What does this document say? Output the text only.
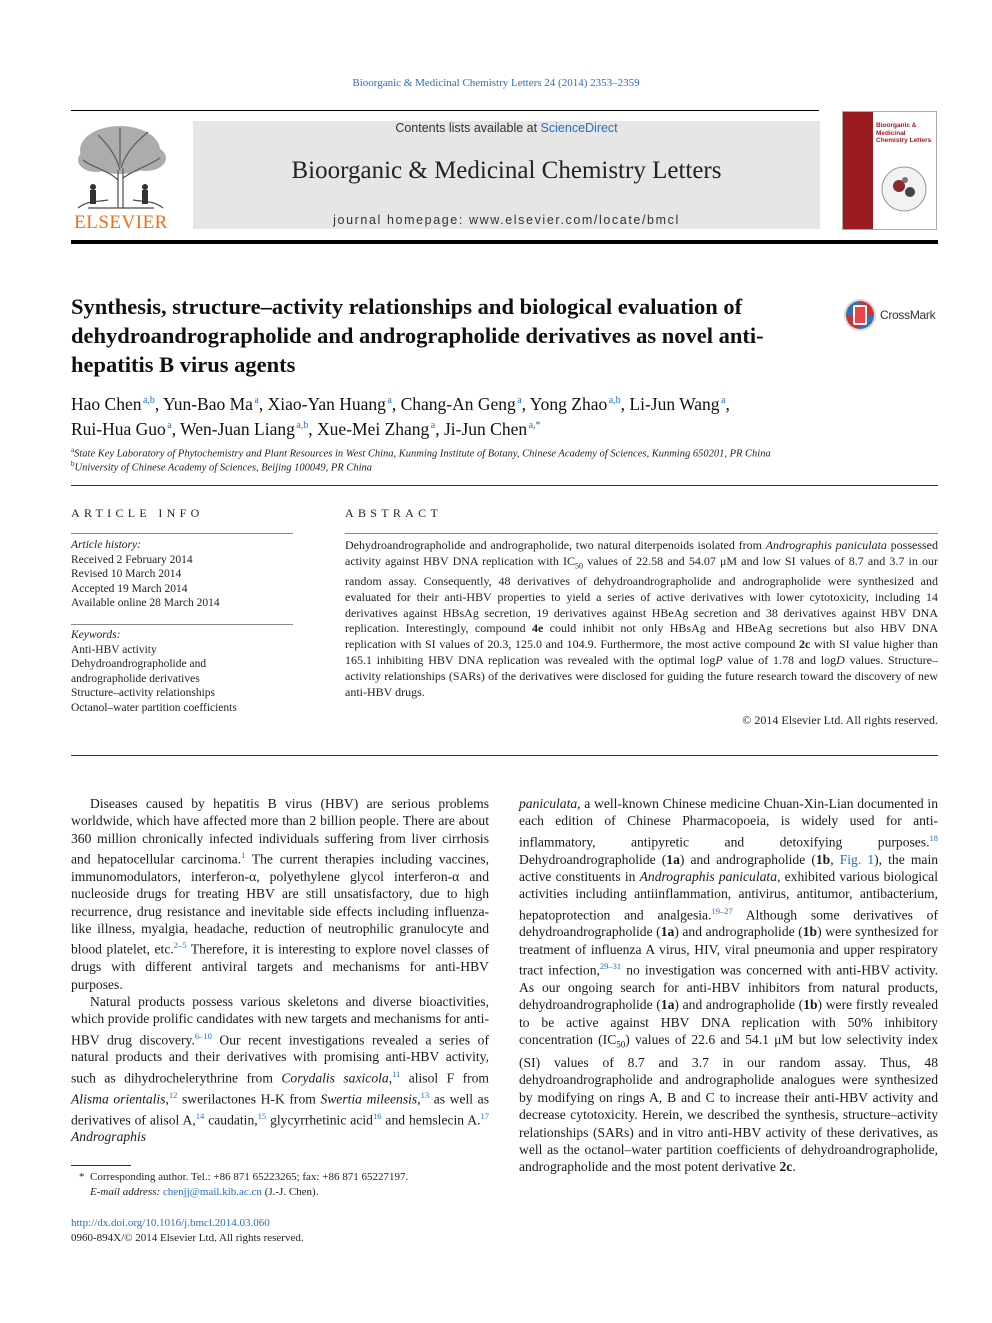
Bioorganic & Medicinal Chemistry Letters 24 (2014) 2353–2359
ELSEVIER
Contents lists available at ScienceDirect
Bioorganic & Medicinal Chemistry Letters
journal homepage: www.elsevier.com/locate/bmcl
Bioorganic & Medicinal Chemistry Letters
Synthesis, structure–activity relationships and biological evaluation of dehydroandrographolide and andrographolide derivatives as novel anti-hepatitis B virus agents
CrossMark
Hao Chen $^{a,b}$, Yun-Bao Ma $^a$, Xiao-Yan Huang $^a$, Chang-An Geng $^a$, Yong Zhao $^{a,b}$, Li-Jun Wang $^a$,
Rui-Hua Guo $^a$, Wen-Juan Liang $^{a,b}$, Xue-Mei Zhang $^a$, Ji-Jun Chen $^{a,*}$
$^a$State Key Laboratory of Phytochemistry and Plant Resources in West China, Kunming Institute of Botany, Chinese Academy of Sciences, Kunming 650201, PR China
$^b$University of Chinese Academy of Sciences, Beijing 100049, PR China
ARTICLE INFO
Article history:
Received 2 February 2014
Revised 10 March 2014
Accepted 19 March 2014
Available online 28 March 2014
Keywords:
Anti-HBV activity
Dehydroandrographolide and
andrographolide derivatives
Structure–activity relationships
Octanol–water partition coefficients
ABSTRACT
Dehydroandrographolide and andrographolide, two natural diterpenoids isolated from Andrographis paniculata possessed activity against HBV DNA replication with $IC_{50}$ values of 22.58 and 54.07 μM and low SI values of 8.7 and 3.7 in our random assay. Consequently, 48 derivatives of dehydroandrographolide and andrographolide were synthesized and evaluated for their anti-HBV properties to yield a series of active derivatives with lower cytotoxicity, including 14 derivatives against HBsAg secretion, 19 derivatives against HBeAg secretion and 38 derivatives against HBV DNA replication. Interestingly, compound 4e could inhibit not only HBsAg and HBeAg secretions but also HBV DNA replication with SI values of 20.3, 125.0 and 104.9. Furthermore, the most active compound 2c with SI value higher than 165.1 inhibiting HBV DNA replication was revealed with the optimal logP value of 1.78 and logD values. Structure–activity relationships (SARs) of the derivatives were disclosed for guiding the future research toward the discovery of new anti-HBV drugs.
© 2014 Elsevier Ltd. All rights reserved.

Diseases caused by hepatitis B virus (HBV) are serious problems worldwide, which have affected more than 2 billion people. There are about 360 million chronically infected individuals suffering from liver cirrhosis and hepatocellular carcinoma.$^1$ The current therapies including vaccines, immunomodulators, interferon-α, polyethylene glycol interferon-α and nucleoside drugs for treating HBV are still unsatisfactory, due to high recurrence, drug resistance and inevitable side effects including influenza-like illness, myalgia, headache, reduction of neutrophilic granulocyte and blood platelet, etc.$^{2-5}$ Therefore, it is interesting to explore novel classes of drugs with different antiviral targets and mechanisms for anti-HBV purposes.

Natural products possess various skeletons and diverse bioactivities, which provide prolific candidates with new targets and mechanisms for anti-HBV drug discovery.$^{6-10}$ Our recent investigations revealed a series of natural products and their derivatives with promising anti-HBV activity, such as dihydrochelerythrine from Corydalis saxicola,$^{11}$ alisol F from Alisma orientalis,$^{12}$ swerilactones H-K from Swertia mileensis,$^{13}$ as well as derivatives of alisol A,$^{14}$ caudatin,$^{15}$ glycyrrhetinic acid$^{16}$ and hemslecin A.$^{17}$ Andrographis

paniculata, a well-known Chinese medicine Chuan-Xin-Lian documented in each edition of Chinese Pharmacopoeia, is widely used for anti-inflammatory, antipyretic and detoxifying purposes.$^{18}$ Dehydroandrographolide (1a) and andrographolide (1b, Fig. 1), the main active constituents in Andrographis paniculata, exhibited various biological activities including antiinflammation, antivirus, antitumor, antibacterium, hepatoprotection and analgesia.$^{19-27}$ Although some derivatives of dehydroandrographolide (1a) and andrographolide (1b) were synthesized for treatment of influenza A virus, HIV, viral pneumonia and upper respiratory tract infection,$^{29-31}$ no investigation was concerned with anti-HBV activity. As our ongoing search for anti-HBV inhibitors from natural products, dehydroandrographolide (1a) and andrographolide (1b) were firstly revealed to be active against HBV DNA replication with 50% inhibitory concentration $(IC_{50})$ values of 22.6 and 54.1 μM but low selectivity index (SI) values of 8.7 and 3.7 in our random assay. Thus, 48 dehydroandrographolide and andrographolide analogues were synthesized by modifying on rings A, B and C to increase their anti-HBV activity and decrease cytotoxicity. Herein, we described the synthesis, structure–activity relationships (SARs) and in vitro anti-HBV activity of these derivatives, as well as the octanol–water partition coefficients of dehydroandrographolide, andrographolide and the most potent derivative 2c.

* Corresponding author. Tel.: +86 871 65223265; fax: +86 871 65227197.
E-mail address: chenjj@mail.kib.ac.cn (J.-J. Chen).
http://dx.doi.org/10.1016/j.bmcl.2014.03.060
0960-894X/© 2014 Elsevier Ltd. All rights reserved.
